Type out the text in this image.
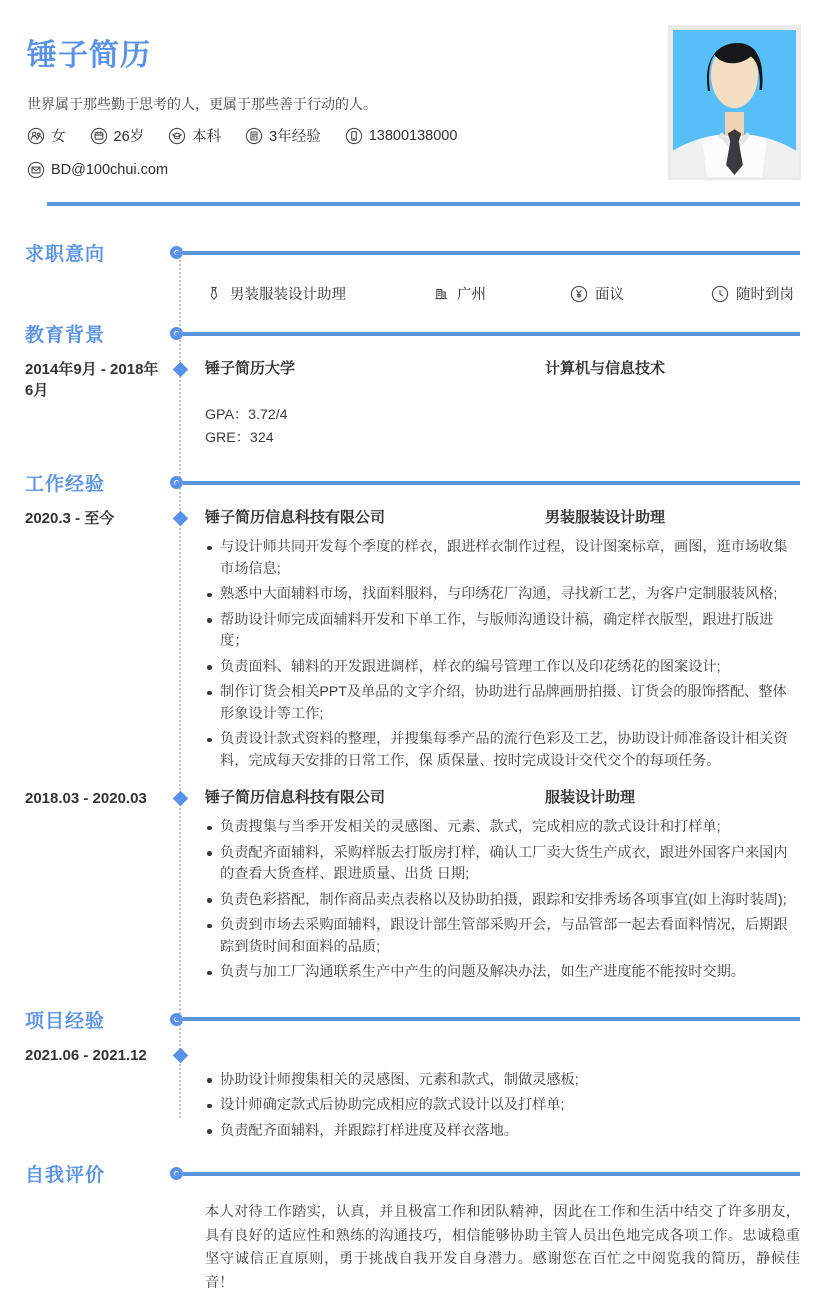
锤子简历
世界属于那些勤于思考的人，更属于那些善于行动的人。
女	26岁	本科	3年经验	13800138000
BD@100chui.com
求职意向
男装服装设计助理	广州	面议	随时到岗
教育背景
2014年9月 - 2018年6月
锤子简历大学	计算机与信息技术
GPA：3.72/4
GRE：324
工作经验
2020.3 - 至今	锤子简历信息科技有限公司	男装服装设计助理
与设计师共同开发每个季度的样衣，跟进样衣制作过程，设计图案标章，画图，逛市场收集市场信息;
熟悉中大面辅料市场，找面料服料，与印绣花厂沟通，寻找新工艺，为客户定制服装风格;
帮助设计师完成面辅料开发和下单工作，与版师沟通设计稿，确定样衣版型，跟进打版进度；
负责面料、辅料的开发跟进调样，样衣的编号管理工作以及印花绣花的图案设计;
制作订货会相关PPT及单品的文字介绍，协助进行品牌画册拍摄、订货会的服饰搭配、整体形象设计等工作;
负责设计款式资料的整理，并搜集每季产品的流行色彩及工艺，协助设计师准备设计相关资料，完成每天安排的日常工作，保 质保量、按时完成设计交代交个的每项任务。
2018.03 - 2020.03	锤子简历信息科技有限公司	服装设计助理
负责搜集与当季开发相关的灵感图、元素、款式，完成相应的款式设计和打样单;
负责配齐面辅料，采购样版去打版房打样，确认工厂卖大货生产成衣，跟进外国客户来国内的查看大货查样、跟进质量、出货 日期;
负责色彩搭配，制作商品卖点表格以及协助拍摄，跟踪和安排秀场各项事宜(如上海时装周);
负责到市场去采购面辅料，跟设计部生管部采购开会，与品管部一起去看面料情况，后期跟踪到货时间和面料的品质;
负责与加工厂沟通联系生产中产生的问题及解决办法，如生产进度能不能按时交期。
项目经验
2021.06 - 2021.12
协助设计师搜集相关的灵感图、元素和款式，制做灵感板;
设计师确定款式后协助完成相应的款式设计以及打样单;
负责配齐面辅料，并跟踪打样进度及样衣落地。
自我评价

本人对待工作踏实，认真，并且极富工作和团队精神，因此在工作和生活中结交了许多朋友，具有良好的适应性和熟练的沟通技巧，相信能够协助主管人员出色地完成各项工作。忠诚稳重坚守诚信正直原则，勇于挑战自我开发自身潜力。感谢您在百忙之中阅览我的简历，静候佳音！
